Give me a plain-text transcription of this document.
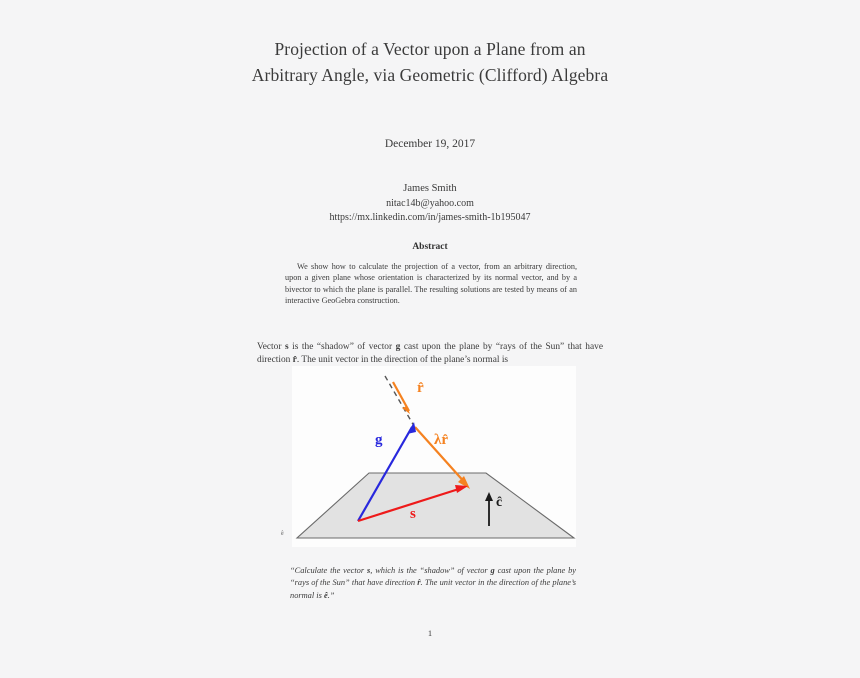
Projection of a Vector upon a Plane from an
Arbitrary Angle, via Geometric (Clifford) Algebra
December 19, 2017
James Smith
nitac14b@yahoo.com
https://mx.linkedin.com/in/james-smith-1b195047
Abstract
We show how to calculate the projection of a vector, from an arbitrary direction, upon a given plane whose orientation is characterized by its normal vector, and by a bivector to which the plane is parallel. The resulting solutions are tested by means of an interactive GeoGebra construction.
Vector s is the “shadow” of vector g cast upon the plane by “rays of the Sun” that have direction r̂. The unit vector in the direction of the plane’s normal is
r̂
λr̂
g
s
ĉ
ê
“Calculate the vector s, which is the “shadow” of vector g cast upon the plane by “rays of the Sun” that have direction r̂. The unit vector in the direction of the plane’s normal is ê.”
1
